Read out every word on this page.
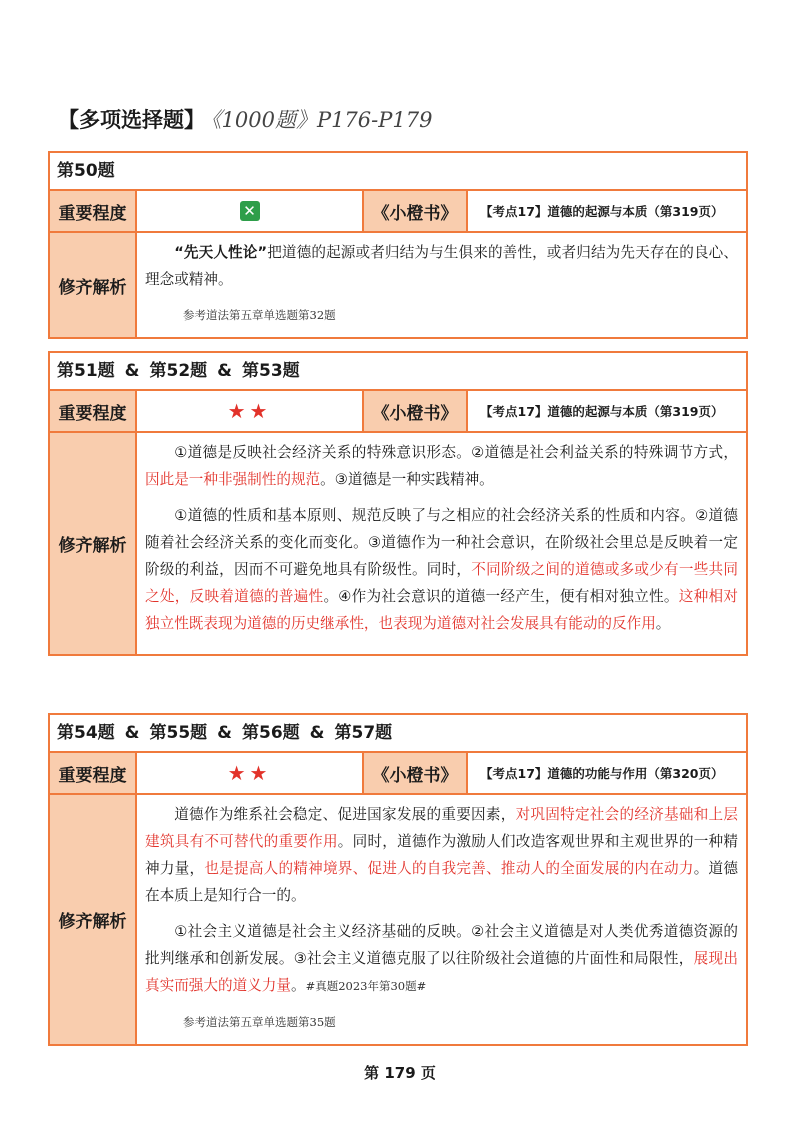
【多项选择题】 《1000题》P176-P179
第50题
重要程度	✕	《小橙书》	【考点17】道德的起源与本质（第319页）
修齐解析

“先天人性论”把道德的起源或者归结为与生俱来的善性，或者归结为先天存在的良心、理念或精神。

参考道法第五章单选题第32题
第51题 & 第52题 & 第53题
重要程度	★★	《小橙书》	【考点17】道德的起源与本质（第319页）
修齐解析

①道德是反映社会经济关系的特殊意识形态。②道德是社会利益关系的特殊调节方式，因此是一种非强制性的规范。③道德是一种实践精神。

①道德的性质和基本原则、规范反映了与之相应的社会经济关系的性质和内容。②道德随着社会经济关系的变化而变化。③道德作为一种社会意识，在阶级社会里总是反映着一定阶级的利益，因而不可避免地具有阶级性。同时，不同阶级之间的道德或多或少有一些共同之处，反映着道德的普遍性。④作为社会意识的道德一经产生，便有相对独立性。这种相对独立性既表现为道德的历史继承性，也表现为道德对社会发展具有能动的反作用。

第54题 & 第55题 & 第56题 & 第57题
重要程度	★★	《小橙书》	【考点17】道德的功能与作用（第320页）
修齐解析

道德作为维系社会稳定、促进国家发展的重要因素，对巩固特定社会的经济基础和上层建筑具有不可替代的重要作用。同时，道德作为激励人们改造客观世界和主观世界的一种精神力量，也是提高人的精神境界、促进人的自我完善、推动人的全面发展的内在动力。道德在本质上是知行合一的。

①社会主义道德是社会主义经济基础的反映。②社会主义道德是对人类优秀道德资源的批判继承和创新发展。③社会主义道德克服了以往阶级社会道德的片面性和局限性，展现出真实而强大的道义力量。#真题2023年第30题#

参考道法第五章单选题第35题
第 179 页
